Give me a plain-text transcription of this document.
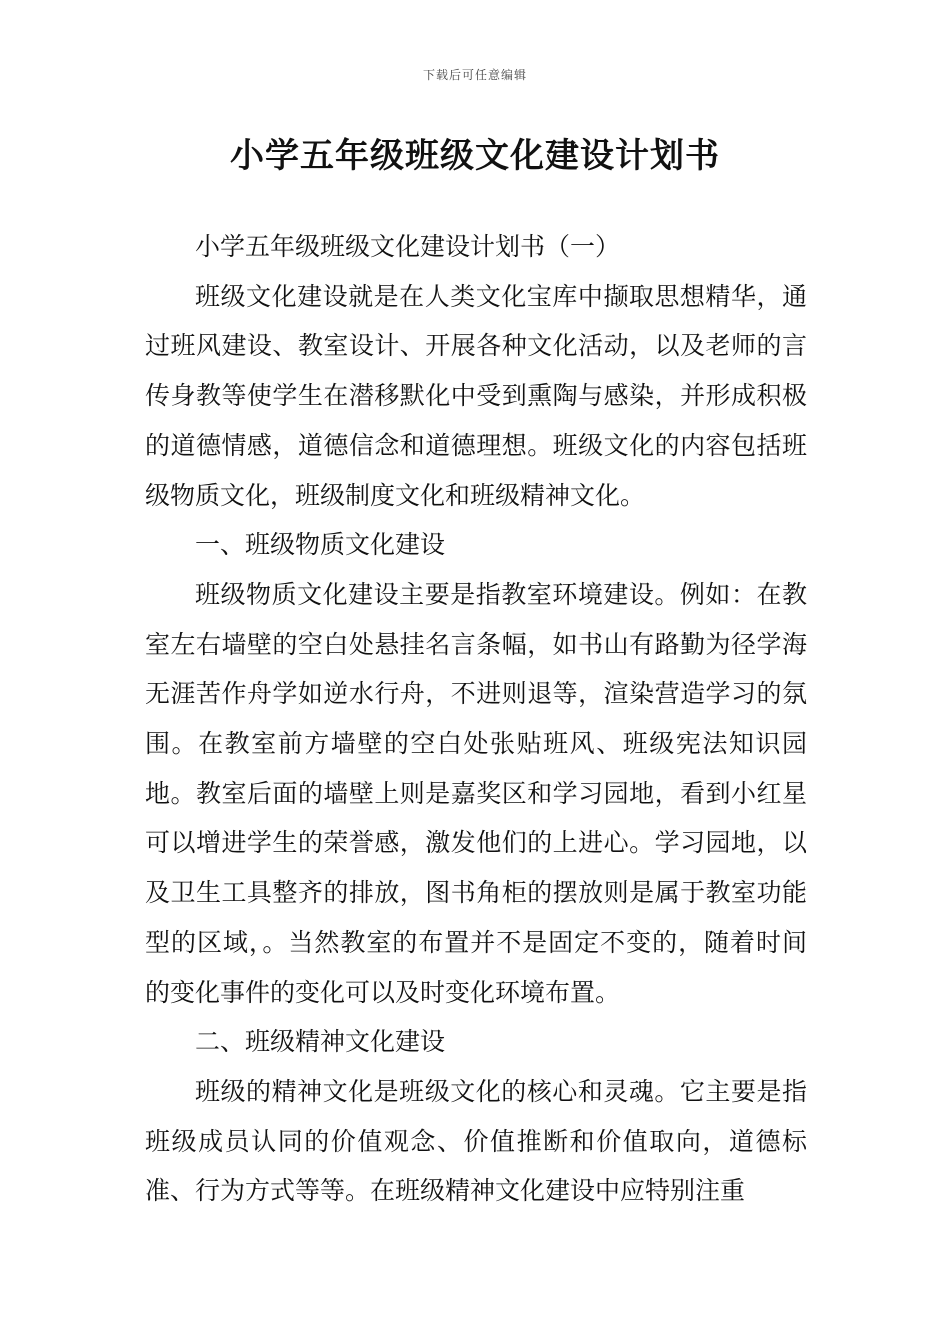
下载后可任意编辑
小学五年级班级文化建设计划书

小学五年级班级文化建设计划书（一）

班级文化建设就是在人类文化宝库中撷取思想精华，通过班风建设、教室设计、开展各种文化活动，以及老师的言传身教等使学生在潜移默化中受到熏陶与感染，并形成积极的道德情感，道德信念和道德理想。班级文化的内容包括班级物质文化，班级制度文化和班级精神文化。

一、班级物质文化建设

班级物质文化建设主要是指教室环境建设。例如：在教室左右墙壁的空白处悬挂名言条幅，如书山有路勤为径学海无涯苦作舟学如逆水行舟，不进则退等，渲染营造学习的氛围。在教室前方墙壁的空白处张贴班风、班级宪法知识园地。教室后面的墙壁上则是嘉奖区和学习园地，看到小红星可以增进学生的荣誉感，激发他们的上进心。学习园地，以及卫生工具整齐的排放，图书角柜的摆放则是属于教室功能型的区域，。当然教室的布置并不是固定不变的，随着时间的变化事件的变化可以及时变化环境布置。

二、班级精神文化建设

班级的精神文化是班级文化的核心和灵魂。它主要是指班级成员认同的价值观念、价值推断和价值取向，道德标准、行为方式等等。在班级精神文化建设中应特别注重
